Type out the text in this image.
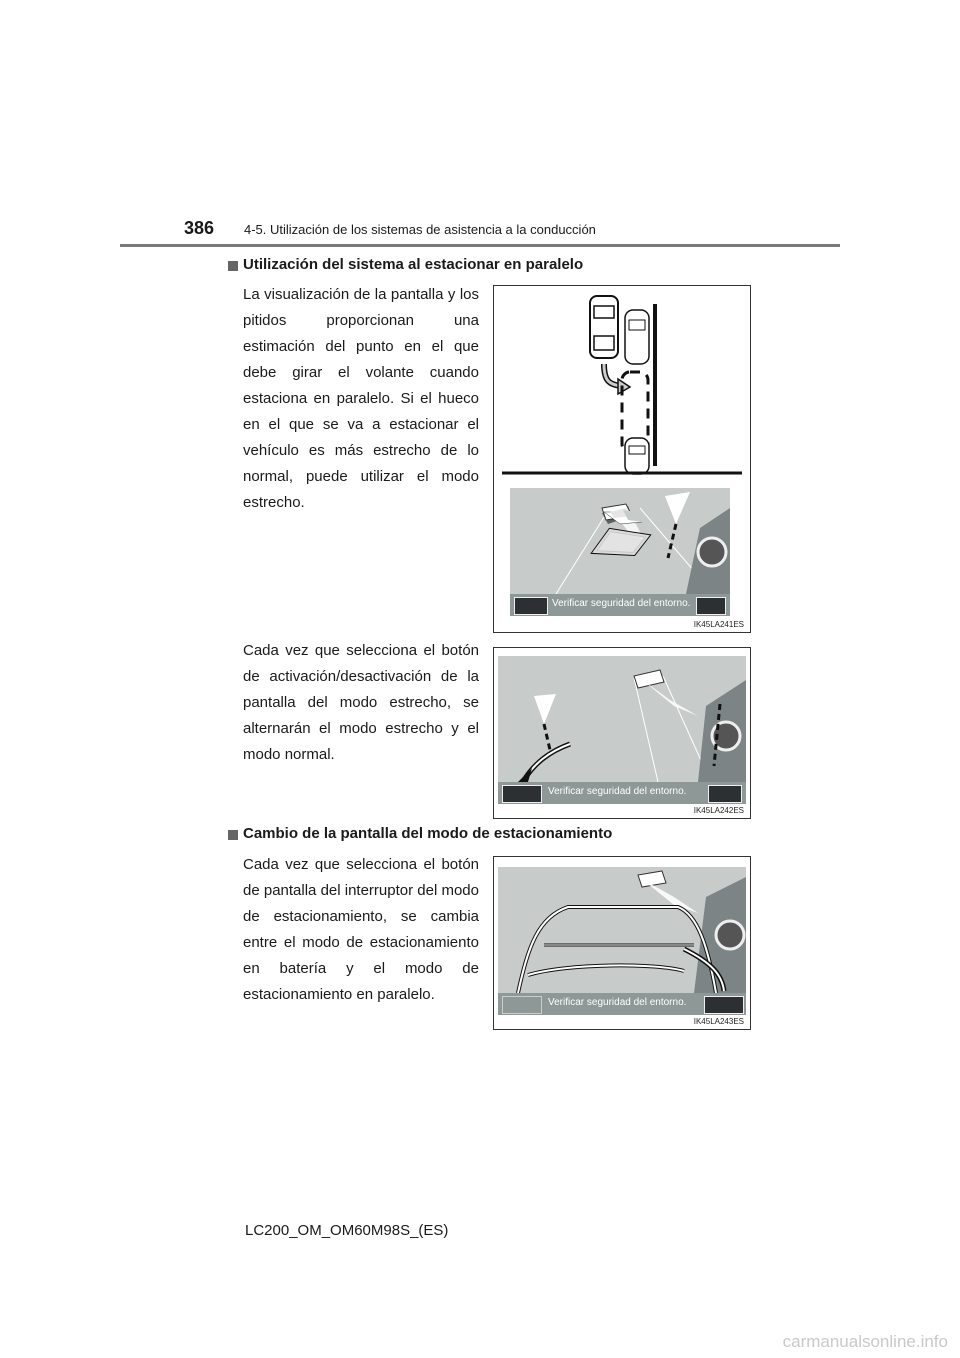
386 4-5. Utilización de los sistemas de asistencia a la conducción
Utilización del sistema al estacionar en paralelo
La visualización de la pantalla y los pitidos proporcionan una estimación del punto en el que debe girar el volante cuando estaciona en paralelo. Si el hueco en el que se va a estacionar el vehículo es más estrecho de lo normal, puede utilizar el modo estrecho.
Verificar seguridad del entorno.
IK45LA241ES
Cada vez que selecciona el botón de activación/desactivación de la pantalla del modo estrecho, se alternarán el modo estrecho y el modo normal.
Verificar seguridad del entorno.
IK45LA242ES
Cambio de la pantalla del modo de estacionamiento
Cada vez que selecciona el botón de pantalla del interruptor del modo de estacionamiento, se cambia entre el modo de estacionamiento en batería y el modo de estacionamiento en paralelo.	Verificar seguridad del entorno.
IK45LA243ES
LC200_OM_OM60M98S_(ES)
carmanualsonline.info
